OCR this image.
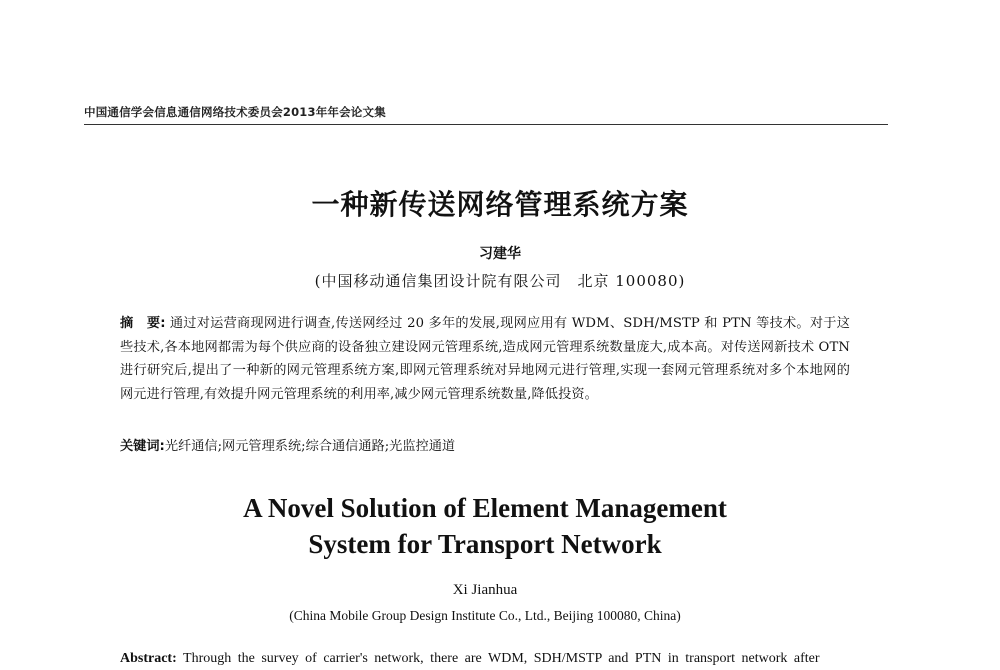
中国通信学会信息通信网络技术委员会2013年年会论文集
一种新传送网络管理系统方案
习建华
(中国移动通信集团设计院有限公司　北京 100080)
摘　要: 通过对运营商现网进行调查,传送网经过 20 多年的发展,现网应用有 WDM、SDH/MSTP 和 PTN 等技术。对于这些技术,各本地网都需为每个供应商的设备独立建设网元管理系统,造成网元管理系统数量庞大,成本高。对传送网新技术 OTN 进行研究后,提出了一种新的网元管理系统方案,即网元管理系统对异地网元进行管理,实现一套网元管理系统对多个本地网的网元进行管理,有效提升网元管理系统的利用率,减少网元管理系统数量,降低投资。
关键词:光纤通信;网元管理系统;综合通信通路;光监控通道
A Novel Solution of Element Management
System for Transport Network
Xi Jianhua
(China Mobile Group Design Institute Co., Ltd., Beijing 100080, China)
Abstract: Through the survey of carrier's network, there are WDM, SDH/MSTP and PTN in transport network after
